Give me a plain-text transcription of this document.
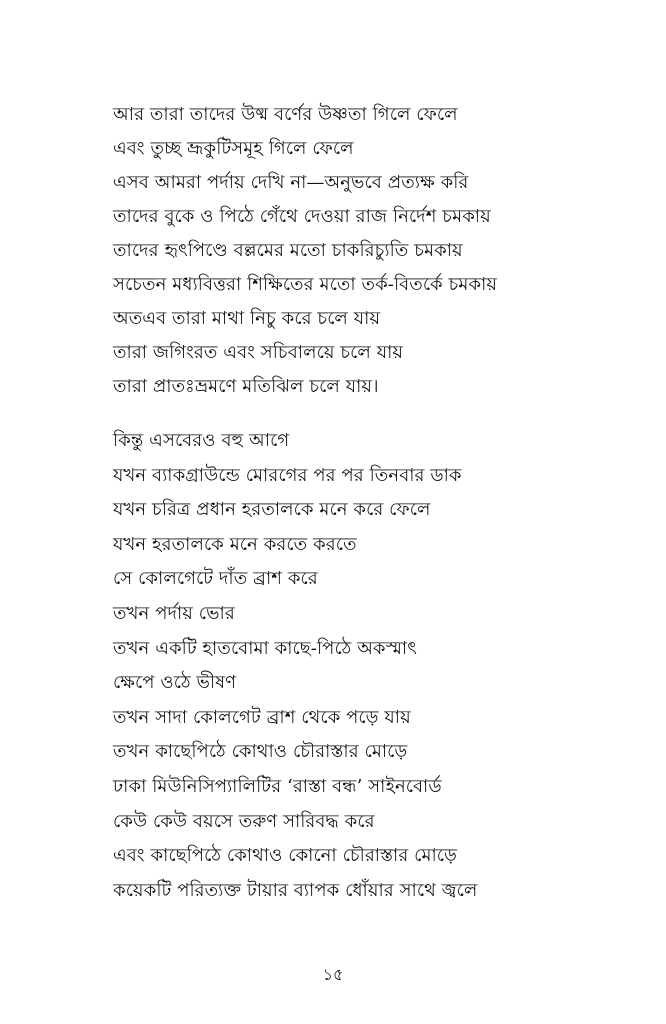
আর তারা তাদের উষ্ম বর্ণের উষ্ণতা গিলে ফেলে
এবং তুচ্ছ ভ্রূকুটিসমূহ গিলে ফেলে
এসব আমরা পর্দায় দেখি না—অনুভবে প্রত্যক্ষ করি
তাদের বুকে ও পিঠে গেঁথে দেওয়া রাজ নির্দেশ চমকায়
তাদের হৃৎপিণ্ডে বল্লমের মতো চাকরিচ্যুতি চমকায়
সচেতন মধ্যবিত্তরা শিক্ষিতের মতো তর্ক-বিতর্কে চমকায়
অতএব তারা মাথা নিচু করে চলে যায়
তারা জগিংরত এবং সচিবালয়ে চলে যায়
তারা প্রাতঃভ্রমণে মতিঝিল চলে যায়।
কিন্তু এসবেরও বহু আগে
যখন ব্যাকগ্রাউন্ডে মোরগের পর পর তিনবার ডাক
যখন চরিত্র প্রধান হরতালকে মনে করে ফেলে
যখন হরতালকে মনে করতে করতে
সে কোলগেটে দাঁত ব্রাশ করে
তখন পর্দায় ভোর
তখন একটি হাতবোমা কাছে-পিঠে অকস্মাৎ
ক্ষেপে ওঠে ভীষণ
তখন সাদা কোলগেট ব্রাশ থেকে পড়ে যায়
তখন কাছেপিঠে কোথাও চৌরাস্তার মোড়ে
ঢাকা মিউনিসিপ্যালিটির ‘রাস্তা বন্ধ’ সাইনবোর্ড
কেউ কেউ বয়সে তরুণ সারিবদ্ধ করে
এবং কাছেপিঠে কোথাও কোনো চৌরাস্তার মোড়ে
কয়েকটি পরিত্যক্ত টায়ার ব্যাপক ধোঁয়ার সাথে জ্বলে
১৫
